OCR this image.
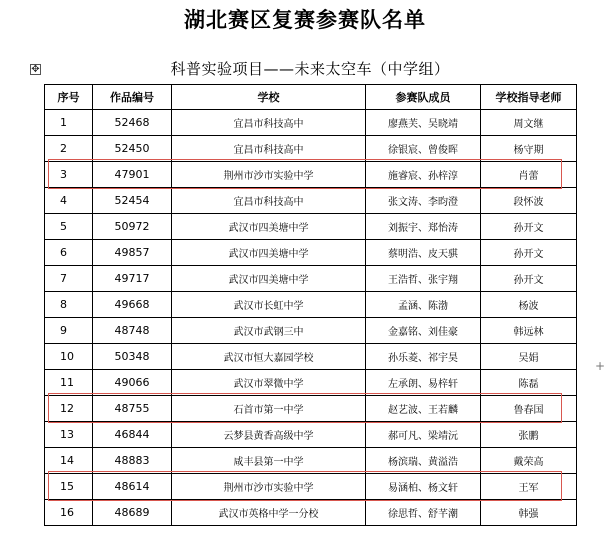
湖北赛区复赛参赛队名单
✥	科普实验项目——未来太空车（中学组）
+
序号	作品编号	学校	参赛队成员	学校指导老师
1	52468	宜昌市科技高中	廖燕芙、吴晓靖	周文继
2	52450	宜昌市科技高中	徐银宸、曾俊晖	杨守期
3	47901	荆州市沙市实验中学	施睿宸、孙梓淳	肖蕾
4	52454	宜昌市科技高中	张文涛、李昀澄	段怀波
5	50972	武汉市四美塘中学	刘振宇、郑怡涛	孙开文
6	49857	武汉市四美塘中学	蔡明浩、皮天骐	孙开文
7	49717	武汉市四美塘中学	王浩哲、张宇翔	孙开文
8	49668	武汉市长虹中学	孟涵、陈渤	杨波
9	48748	武汉市武钢三中	金嘉铭、刘佳豪	韩远林
10	50348	武汉市恒大嘉园学校	孙乐菱、祁宇昊	吴娟
11	49066	武汉市翠微中学	左承朗、易梓轩	陈磊
12	48755	石首市第一中学	赵艺波、王若麟	鲁春国
13	46844	云梦县黄香高级中学	郝可凡、梁靖沅	张鹏
14	48883	咸丰县第一中学	杨滨瑞、黄溢浩	戴荣高
15	48614	荆州市沙市实验中学	易涵柏、杨文轩	王军
16	48689	武汉市英格中学一分校	徐思哲、舒芊潮	韩强
